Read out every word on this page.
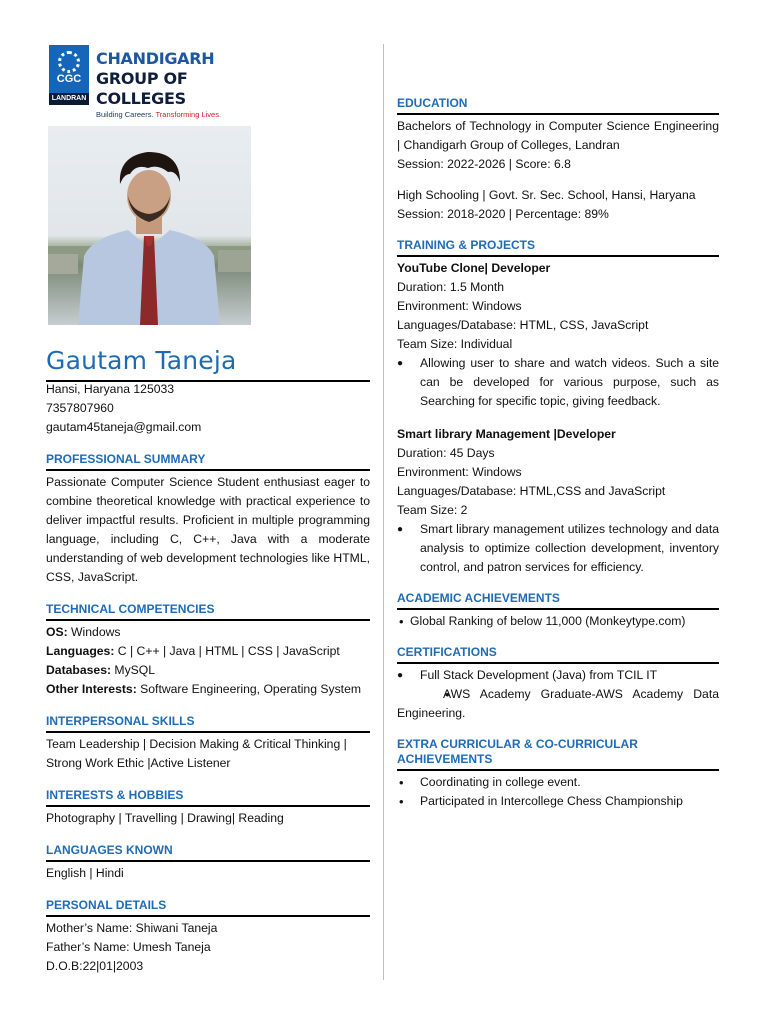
CGC
LANDRAN
CHANDIGARH
GROUP OF COLLEGES
Building Careers. Transforming Lives.
Gautam Taneja
Hansi, Haryana 125033
7357807960
gautam45taneja@gmail.com
PROFESSIONAL SUMMARY
Passionate Computer Science Student enthusiast eager to combine theoretical knowledge with practical experience to deliver impactful results. Proficient in multiple programming language, including C, C++, Java with a moderate understanding of web development technologies like HTML, CSS, JavaScript.
TECHNICAL COMPETENCIES
OS: Windows
Languages: C | C++ | Java | HTML | CSS | JavaScript
Databases: MySQL
Other Interests: Software Engineering, Operating System
INTERPERSONAL SKILLS
Team Leadership | Decision Making & Critical Thinking | Strong Work Ethic |Active Listener
INTERESTS & HOBBIES
Photography | Travelling | Drawing| Reading
LANGUAGES KNOWN
English | Hindi
PERSONAL DETAILS
Mother’s Name: Shiwani Taneja
Father’s Name: Umesh Taneja
D.O.B:22|01|2003
EDUCATION
Bachelors of Technology in Computer Science Engineering | Chandigarh Group of Colleges, Landran
Session: 2022-2026 | Score: 6.8
High Schooling | Govt. Sr. Sec. School, Hansi, Haryana
Session: 2018-2020 | Percentage: 89%
TRAINING & PROJECTS
YouTube Clone| Developer
Duration: 1.5 Month
Environment: Windows
Languages/Database: HTML, CSS, JavaScript
Team Size: Individual
● Allowing user to share and watch videos. Such a site can be developed for various purpose, such as Searching for specific topic, giving feedback.
Smart library Management |Developer
Duration: 45 Days
Environment: Windows
Languages/Database: HTML,CSS and JavaScript
Team Size: 2
● Smart library management utilizes technology and data analysis to optimize collection development, inventory control, and patron services for efficiency.
ACADEMIC ACHIEVEMENTS
• Global Ranking of below 11,000 (Monkeytype.com)
CERTIFICATIONS
● Full Stack Development (Java) from TCIL IT
• AWS Academy Graduate-AWS Academy Data Engineering.
EXTRA CURRICULAR & CO-CURRICULAR
ACHIEVEMENTS
• Coordinating in college event.
• Participated in Intercollege Chess Championship
